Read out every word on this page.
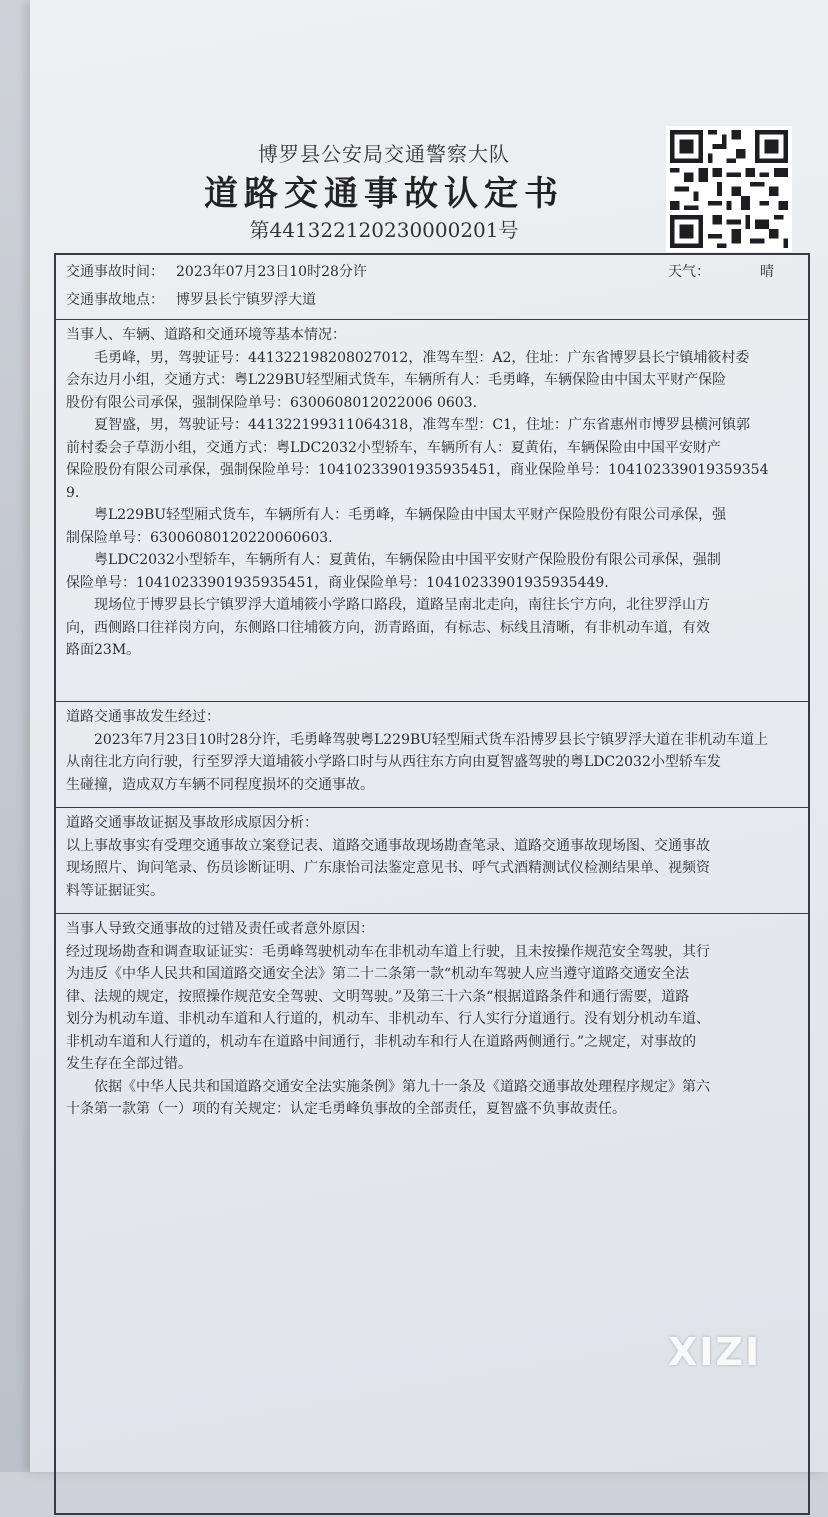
博罗县公安局交通警察大队
道路交通事故认定书
第441322120230000201号
交通事故时间： 2023年07月23日10时28分许	天气：	晴
交通事故地点： 博罗县长宁镇罗浮大道
当事人、车辆、道路和交通环境等基本情况：
毛勇峰，男，驾驶证号：441322198208027012，准驾车型：A2，住址：广东省博罗县长宁镇埔筱村委
会东边月小组，交通方式：粤L229BU轻型厢式货车，车辆所有人：毛勇峰，车辆保险由中国太平财产保险
股份有限公司承保，强制保险单号：6300608012022006 0603.
夏智盛，男，驾驶证号：441322199311064318，准驾车型：C1，住址：广东省惠州市博罗县横河镇郭
前村委会子草沥小组，交通方式：粤LDC2032小型轿车，车辆所有人：夏黄佑，车辆保险由中国平安财产
保险股份有限公司承保，强制保险单号：10410233901935935451，商业保险单号：104102339019359354
9.
粤L229BU轻型厢式货车，车辆所有人：毛勇峰，车辆保险由中国太平财产保险股份有限公司承保，强
制保险单号：63006080120220060603.
粤LDC2032小型轿车，车辆所有人：夏黄佑，车辆保险由中国平安财产保险股份有限公司承保，强制
保险单号：10410233901935935451，商业保险单号：10410233901935935449.
现场位于博罗县长宁镇罗浮大道埔筱小学路口路段，道路呈南北走向，南往长宁方向，北往罗浮山方
向，西侧路口往祥岗方向，东侧路口往埔筱方向，沥青路面，有标志、标线且清晰，有非机动车道，有效
路面23M。
道路交通事故发生经过：
2023年7月23日10时28分许，毛勇峰驾驶粤L229BU轻型厢式货车沿博罗县长宁镇罗浮大道在非机动车道上
从南往北方向行驶，行至罗浮大道埔筱小学路口时与从西往东方向由夏智盛驾驶的粤LDC2032小型轿车发
生碰撞，造成双方车辆不同程度损坏的交通事故。
道路交通事故证据及事故形成原因分析：
以上事故事实有受理交通事故立案登记表、道路交通事故现场勘查笔录、道路交通事故现场图、交通事故
现场照片、询问笔录、伤员诊断证明、广东康怡司法鉴定意见书、呼气式酒精测试仪检测结果单、视频资
料等证据证实。
当事人导致交通事故的过错及责任或者意外原因：
经过现场勘查和调查取证证实：毛勇峰驾驶机动车在非机动车道上行驶，且未按操作规范安全驾驶，其行
为违反《中华人民共和国道路交通安全法》第二十二条第一款“机动车驾驶人应当遵守道路交通安全法
律、法规的规定，按照操作规范安全驾驶、文明驾驶。”及第三十六条“根据道路条件和通行需要，道路
划分为机动车道、非机动车道和人行道的，机动车、非机动车、行人实行分道通行。没有划分机动车道、
非机动车道和人行道的，机动车在道路中间通行，非机动车和行人在道路两侧通行。”之规定，对事故的
发生存在全部过错。
依据《中华人民共和国道路交通安全法实施条例》第九十一条及《道路交通事故处理程序规定》第六
十条第一款第（一）项的有关规定：认定毛勇峰负事故的全部责任，夏智盛不负事故责任。
XIZI
